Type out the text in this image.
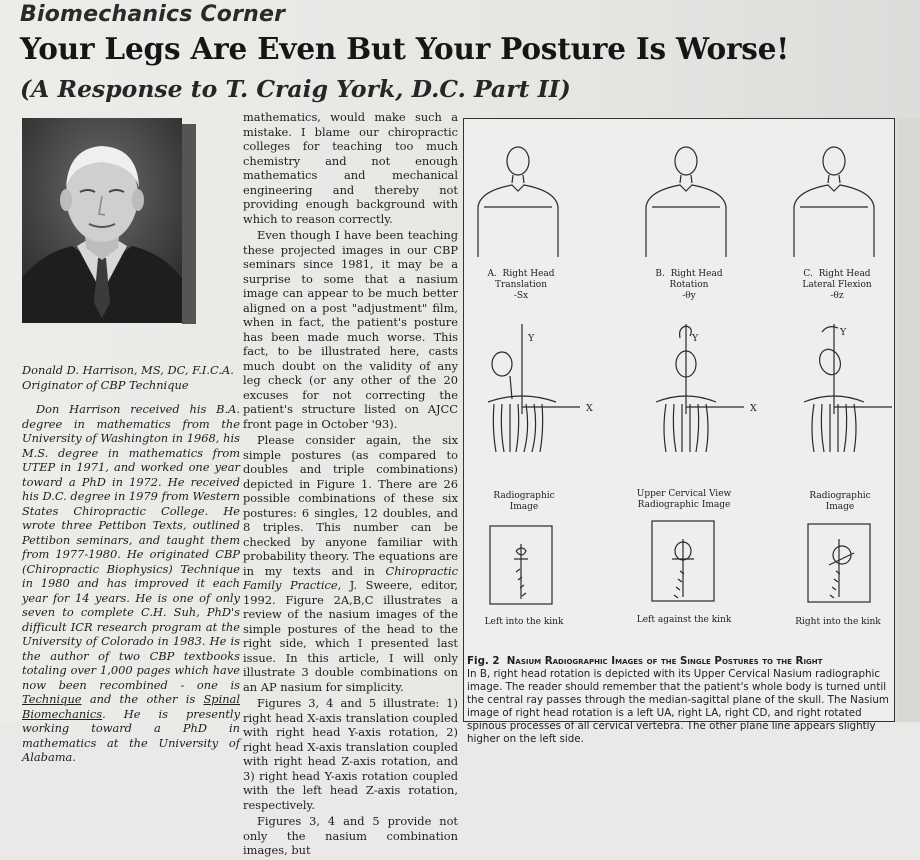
Biomechanics Corner
Your Legs Are Even But Your Posture Is Worse!
(A Response to T. Craig York, D.C. Part II)
Donald D. Harrison, MS, DC, F.I.C.A.
Originator of CBP Technique

Don Harrison received his B.A. degree in mathematics from the University of Washington in 1968, his M.S. degree in mathematics from UTEP in 1971, and worked one year toward a PhD in 1972. He received his D.C. degree in 1979 from Western States Chiropractic College. He wrote three Pettibon Texts, outlined Pettibon seminars, and taught them from 1977-1980. He originated CBP (Chiropractic Biophysics) Technique in 1980 and has improved it each year for 14 years. He is one of only seven to complete C.H. Suh, PhD's difficult ICR research program at the University of Colorado in 1983. He is the author of two CBP textbooks totaling over 1,000 pages which have now been recombined - one is Technique and the other is Spinal Biomechanics. He is presently working toward a PhD in mathematics at the University of Alabama.

mathematics, would make such a mistake. I blame our chiropractic colleges for teaching too much chemistry and not enough mathematics and mechanical engineering and thereby not providing enough background with which to reason correctly.

Even though I have been teaching these projected images in our CBP seminars since 1981, it may be a surprise to some that a nasium image can appear to be much better aligned on a post "adjustment" film, when in fact, the patient's posture has been made much worse. This fact, to be illustrated here, casts much doubt on the validity of any leg check (or any other of the 20 excuses for not correcting the patient's structure listed on AJCC front page in October '93).

Please consider again, the six simple postures (as compared to doubles and triple combinations) depicted in Figure 1. There are 26 possible combinations of these six postures: 6 singles, 12 doubles, and 8 triples. This number can be checked by anyone familiar with probability theory. The equations are in my texts and in Chiropractic Family Practice, J. Sweere, editor, 1992. Figure 2A,B,C illustrates a review of the nasium images of the simple postures of the head to the right side, which I presented last issue. In this article, I will only illustrate 3 double combinations on an AP nasium for simplicity.

Figures 3, 4 and 5 illustrate: 1) right head X-axis translation coupled with right head Y-axis rotation, 2) right head X-axis translation coupled with right head Z-axis rotation, and 3) right head Y-axis rotation coupled with the left head Z-axis rotation, respectively.

Figures 3, 4 and 5 provide not only the nasium combination images, but

X
Y
X
Y
Y
A. Right Head
Translation
-Sx
Radiographic
Image
Left into the kink
B. Right Head
Rotation
-θy
Upper Cervical View
Radiographic Image
Left against the kink
C. Right Head
Lateral Flexion
-θz
Radiographic
Image
Right into the kink
Fig. 2 Nasium Radiographic Images of the Single Postures to the Right
In B, right head rotation is depicted with its Upper Cervical Nasium radiographic image. The reader should remember that the patient's whole body is turned until the central ray passes through the median-sagittal plane of the skull. The Nasium image of right head rotation is a left UA, right LA, right CD, and right rotated spinous processes of all cervical vertebra. The other plane line appears slightly higher on the left side.
